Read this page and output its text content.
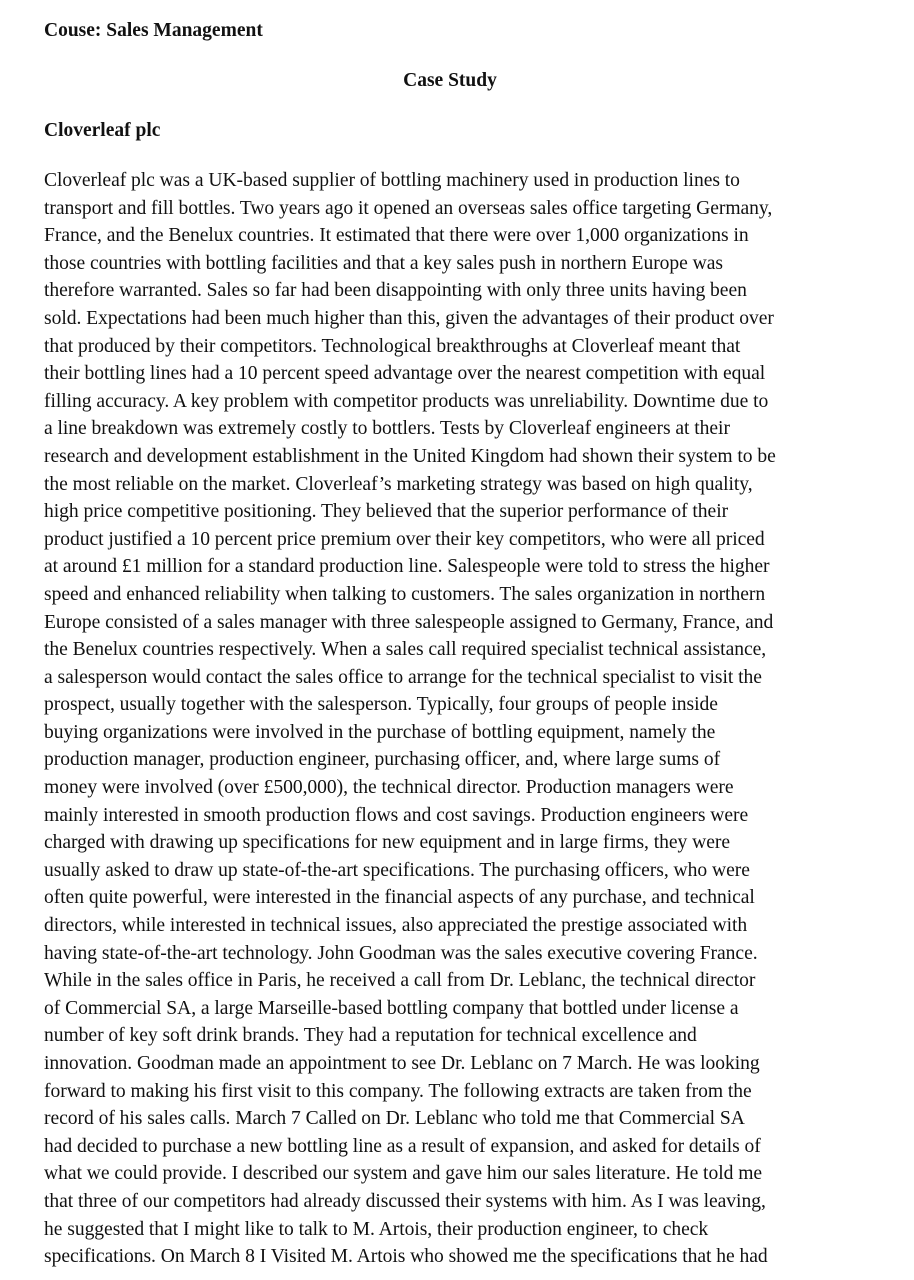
Couse: Sales Management
Case Study
Cloverleaf plc
Cloverleaf plc was a UK-based supplier of bottling machinery used in production lines to
transport and fill bottles. Two years ago it opened an overseas sales office targeting Germany,
France, and the Benelux countries. It estimated that there were over 1,000 organizations in
those countries with bottling facilities and that a key sales push in northern Europe was
therefore warranted. Sales so far had been disappointing with only three units having been
sold. Expectations had been much higher than this, given the advantages of their product over
that produced by their competitors. Technological breakthroughs at Cloverleaf meant that
their bottling lines had a 10 percent speed advantage over the nearest competition with equal
filling accuracy. A key problem with competitor products was unreliability. Downtime due to
a line breakdown was extremely costly to bottlers. Tests by Cloverleaf engineers at their
research and development establishment in the United Kingdom had shown their system to be
the most reliable on the market. Cloverleaf’s marketing strategy was based on high quality,
high price competitive positioning. They believed that the superior performance of their
product justified a 10 percent price premium over their key competitors, who were all priced
at around £1 million for a standard production line. Salespeople were told to stress the higher
speed and enhanced reliability when talking to customers. The sales organization in northern
Europe consisted of a sales manager with three salespeople assigned to Germany, France, and
the Benelux countries respectively. When a sales call required specialist technical assistance,
a salesperson would contact the sales office to arrange for the technical specialist to visit the
prospect, usually together with the salesperson. Typically, four groups of people inside
buying organizations were involved in the purchase of bottling equipment, namely the
production manager, production engineer, purchasing officer, and, where large sums of
money were involved (over £500,000), the technical director. Production managers were
mainly interested in smooth production flows and cost savings. Production engineers were
charged with drawing up specifications for new equipment and in large firms, they were
usually asked to draw up state-of-the-art specifications. The purchasing officers, who were
often quite powerful, were interested in the financial aspects of any purchase, and technical
directors, while interested in technical issues, also appreciated the prestige associated with
having state-of-the-art technology. John Goodman was the sales executive covering France.
While in the sales office in Paris, he received a call from Dr. Leblanc, the technical director
of Commercial SA, a large Marseille-based bottling company that bottled under license a
number of key soft drink brands. They had a reputation for technical excellence and
innovation. Goodman made an appointment to see Dr. Leblanc on 7 March. He was looking
forward to making his first visit to this company. The following extracts are taken from the
record of his sales calls. March 7 Called on Dr. Leblanc who told me that Commercial SA
had decided to purchase a new bottling line as a result of expansion, and asked for details of
what we could provide. I described our system and gave him our sales literature. He told me
that three of our competitors had already discussed their systems with him. As I was leaving,
he suggested that I might like to talk to M. Artois, their production engineer, to check
specifications. On March 8 I Visited M. Artois who showed me the specifications that he had
